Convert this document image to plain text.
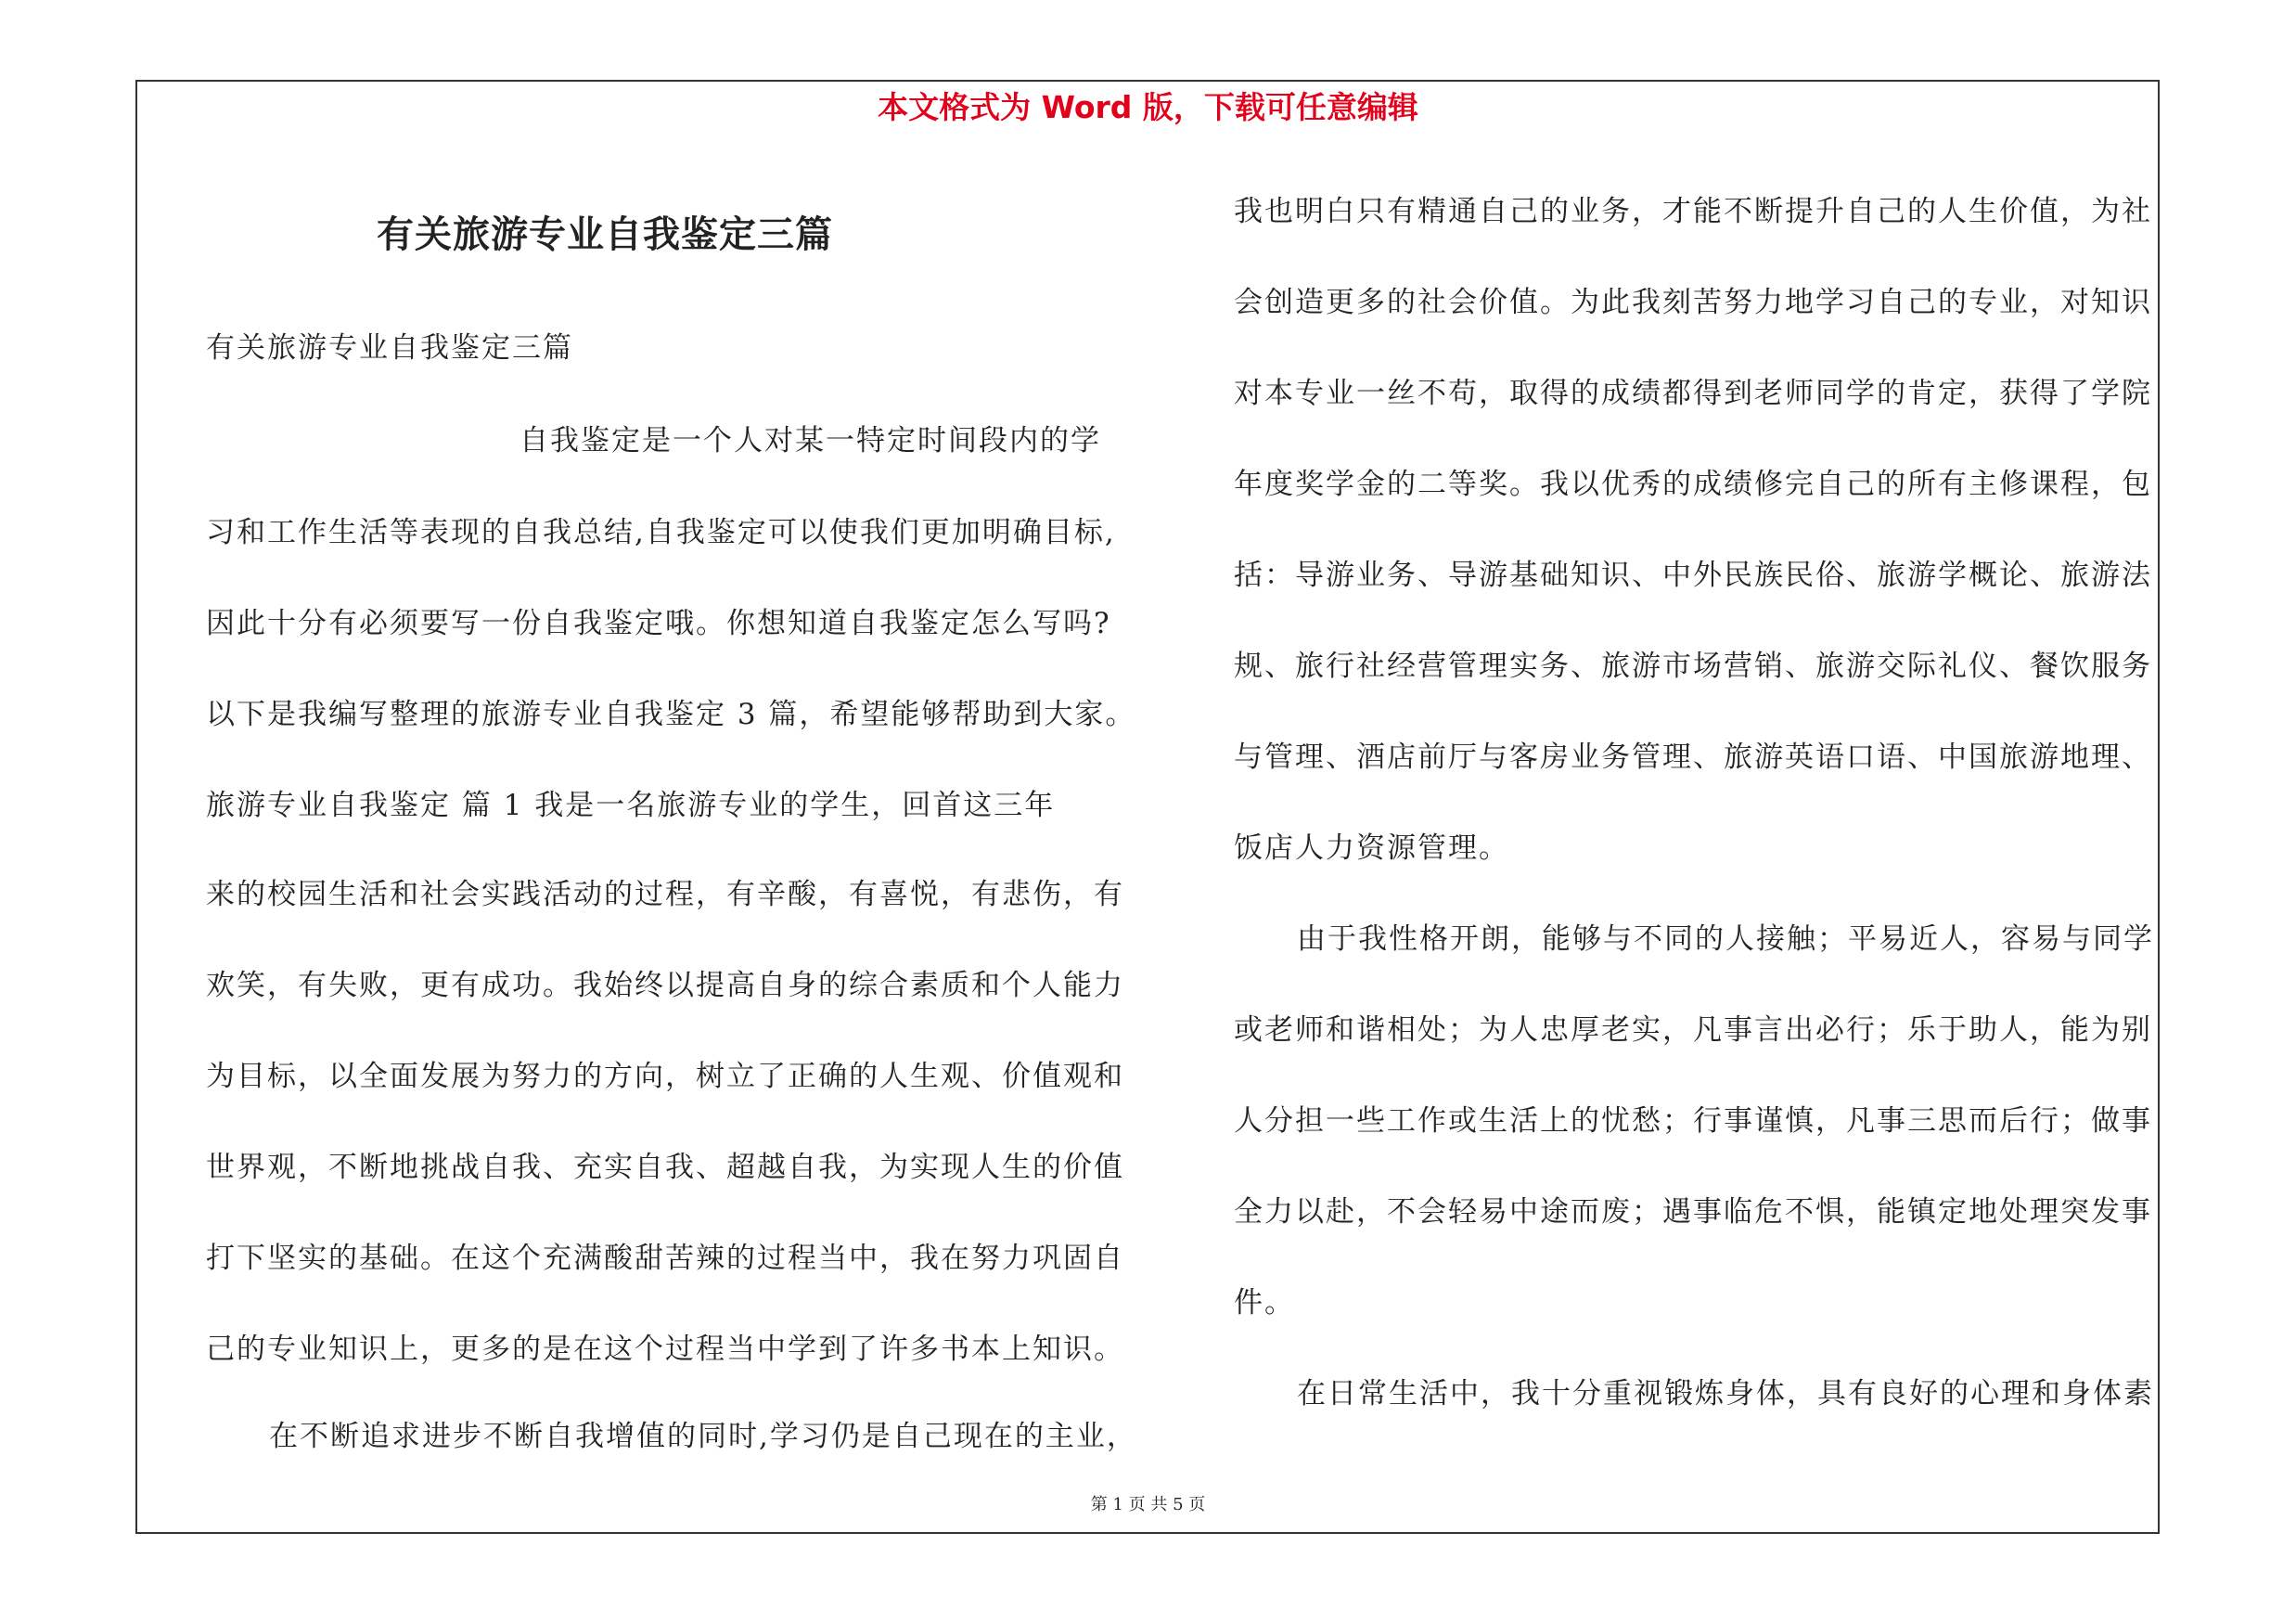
本文格式为 Word 版，下载可任意编辑
有关旅游专业自我鉴定三篇
有关旅游专业自我鉴定三篇
自我鉴定是一个人对某一特定时间段内的学
习和工作生活等表现的自我总结,自我鉴定可以使我们更加明确目标,
因此十分有必须要写一份自我鉴定哦。你想知道自我鉴定怎么写吗?
以下是我编写整理的旅游专业自我鉴定 3 篇，希望能够帮助到大家。
旅游专业自我鉴定 篇 1 我是一名旅游专业的学生，回首这三年
来的校园生活和社会实践活动的过程，有辛酸，有喜悦，有悲伤，有
欢笑，有失败，更有成功。我始终以提高自身的综合素质和个人能力
为目标，以全面发展为努力的方向，树立了正确的人生观、价值观和
世界观，不断地挑战自我、充实自我、超越自我，为实现人生的价值
打下坚实的基础。在这个充满酸甜苦辣的过程当中，我在努力巩固自
己的专业知识上，更多的是在这个过程当中学到了许多书本上知识。
在不断追求进步不断自我增值的同时,学习仍是自己现在的主业，
我也明白只有精通自己的业务，才能不断提升自己的人生价值，为社
会创造更多的社会价值。为此我刻苦努力地学习自己的专业，对知识
对本专业一丝不苟，取得的成绩都得到老师同学的肯定，获得了学院
年度奖学金的二等奖。我以优秀的成绩修完自己的所有主修课程，包
括：导游业务、导游基础知识、中外民族民俗、旅游学概论、旅游法
规、旅行社经营管理实务、旅游市场营销、旅游交际礼仪、餐饮服务
与管理、酒店前厅与客房业务管理、旅游英语口语、中国旅游地理、
饭店人力资源管理。
由于我性格开朗，能够与不同的人接触；平易近人，容易与同学
或老师和谐相处；为人忠厚老实，凡事言出必行；乐于助人，能为别
人分担一些工作或生活上的忧愁；行事谨慎，凡事三思而后行；做事
全力以赴，不会轻易中途而废；遇事临危不惧，能镇定地处理突发事
件。
在日常生活中，我十分重视锻炼身体，具有良好的心理和身体素
第 1 页 共 5 页
